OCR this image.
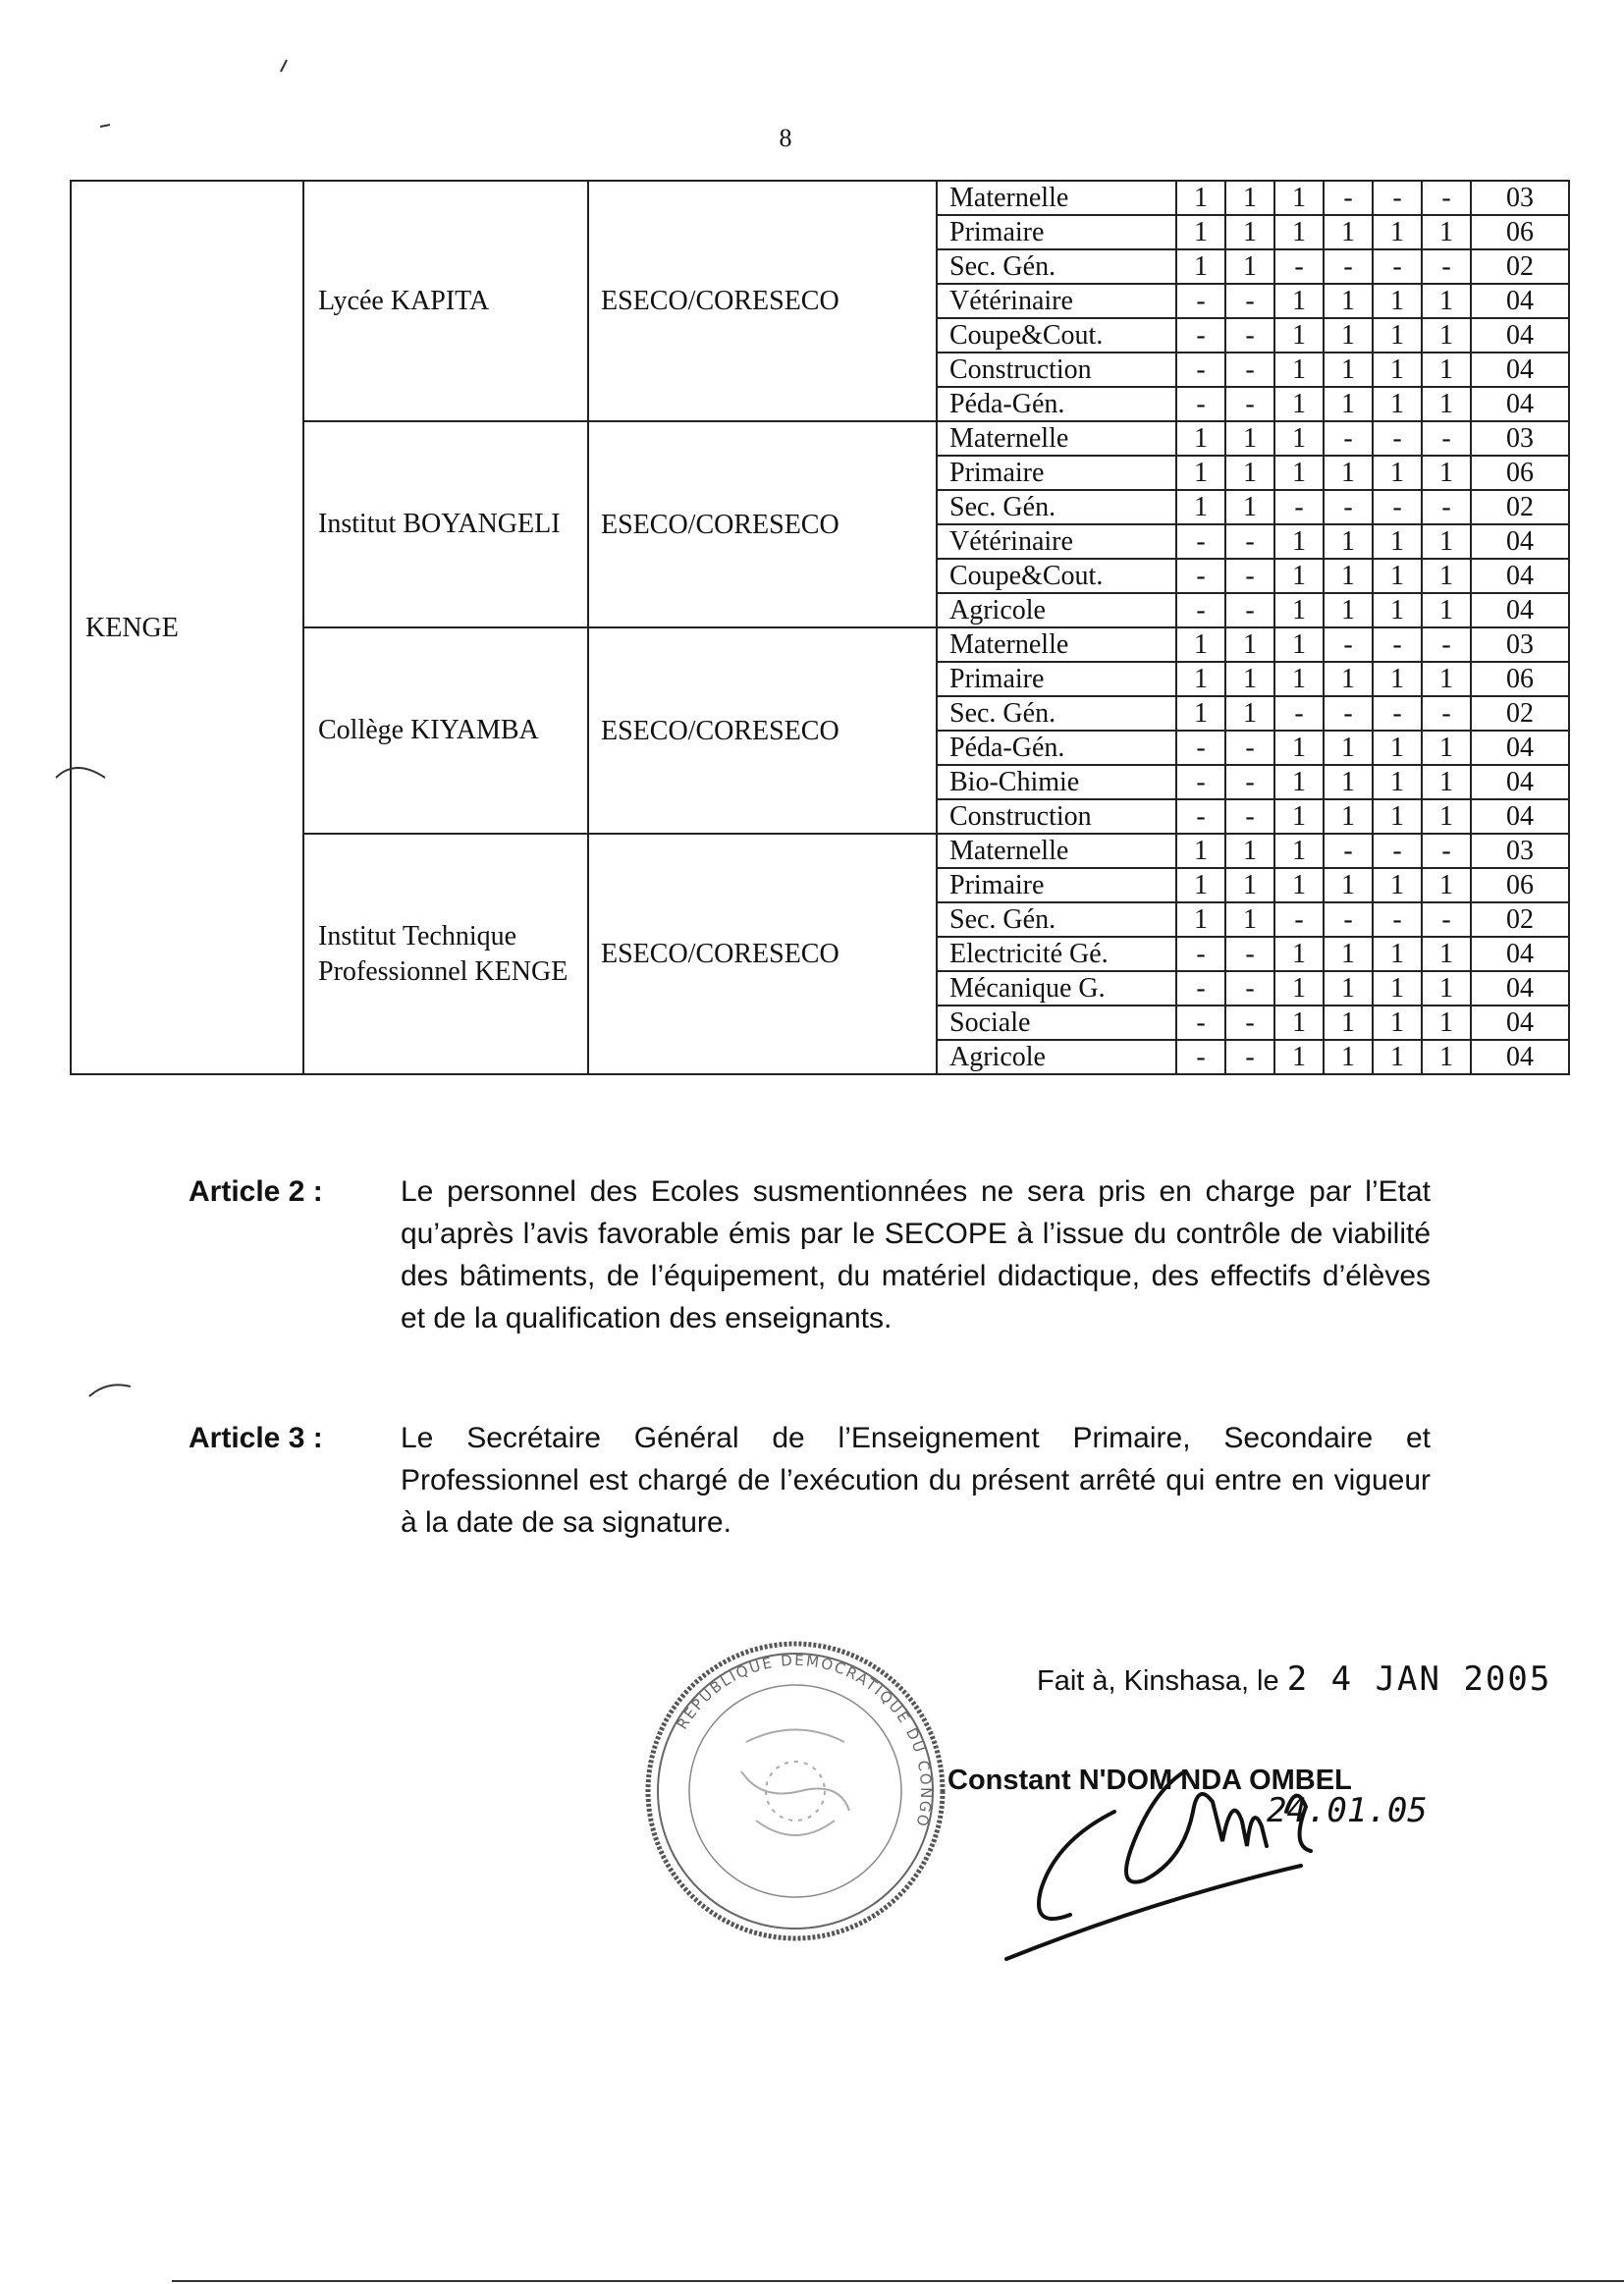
8
KENGE	Lycée KAPITA	ESECO/CORESECO	Maternelle	1	1	1	-	-	-	03
			Primaire	1	1	1	1	1	1	06
			Sec. Gén.	1	1	-	-	-	-	02
			Vétérinaire	-	-	1	1	1	1	04
			Coupe&Cout.	-	-	1	1	1	1	04
			Construction	-	-	1	1	1	1	04
			Péda-Gén.	-	-	1	1	1	1	04
	Institut BOYANGELI	ESECO/CORESECO	Maternelle	1	1	1	-	-	-	03
			Primaire	1	1	1	1	1	1	06
			Sec. Gén.	1	1	-	-	-	-	02
			Vétérinaire	-	-	1	1	1	1	04
			Coupe&Cout.	-	-	1	1	1	1	04
			Agricole	-	-	1	1	1	1	04
	Collège KIYAMBA	ESECO/CORESECO	Maternelle	1	1	1	-	-	-	03
			Primaire	1	1	1	1	1	1	06
			Sec. Gén.	1	1	-	-	-	-	02
			Péda-Gén.	-	-	1	1	1	1	04
			Bio-Chimie	-	-	1	1	1	1	04
			Construction	-	-	1	1	1	1	04
	Institut Technique Professionnel KENGE	ESECO/CORESECO	Maternelle	1	1	1	-	-	-	03
			Primaire	1	1	1	1	1	1	06
			Sec. Gén.	1	1	-	-	-	-	02
			Electricité Gé.	-	-	1	1	1	1	04
			Mécanique G.	-	-	1	1	1	1	04
			Sociale	-	-	1	1	1	1	04
			Agricole	-	-	1	1	1	1	04
Article 2 :	Le personnel des Ecoles susmentionnées ne sera pris en charge par l’Etat qu’après l’avis favorable émis par le SECOPE à l’issue du contrôle de viabilité des bâtiments, de l’équipement, du matériel didactique, des effectifs d’élèves et de la qualification des enseignants.
Article 3 :	Le Secrétaire Général de l’Enseignement Primaire, Secondaire et Professionnel est chargé de l’exécution du présent arrêté qui entre en vigueur à la date de sa signature.
REPUBLIQUE DEMOCRATIQUE DU CONGO
Fait à, Kinshasa, le 2 4 JAN 2005
Constant N'DOM NDA OMBEL
24.01.05
